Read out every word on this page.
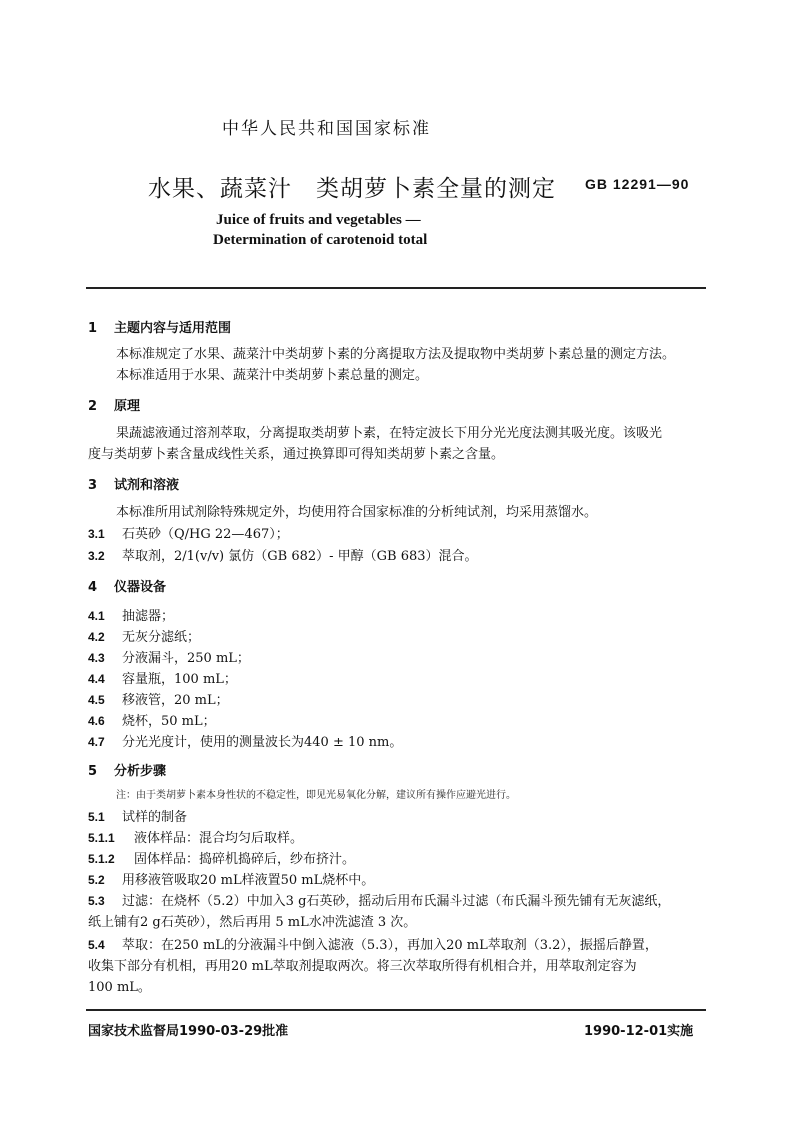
中华人民共和国国家标准
水果、蔬菜汁 类胡萝卜素全量的测定 GB 12291—90
Juice of fruits and vegetables —
Determination of carotenoid total
1 主题内容与适用范围
本标准规定了水果、蔬菜汁中类胡萝卜素的分离提取方法及提取物中类胡萝卜素总量的测定方法。
本标准适用于水果、蔬菜汁中类胡萝卜素总量的测定。
2 原理
果蔬滤液通过溶剂萃取，分离提取类胡萝卜素，在特定波长下用分光光度法测其吸光度。该吸光
度与类胡萝卜素含量成线性关系，通过换算即可得知类胡萝卜素之含量。
3 试剂和溶液
本标准所用试剂除特殊规定外，均使用符合国家标准的分析纯试剂，均采用蒸馏水。
3.1 石英砂（Q/HG 22—467）；
3.2 萃取剂，2/1(v/v) 氯仿（GB 682）- 甲醇（GB 683）混合。
4 仪器设备
4.1 抽滤器；
4.2 无灰分滤纸；
4.3 分液漏斗，250 mL；
4.4 容量瓶，100 mL；
4.5 移液管，20 mL；
4.6 烧杯，50 mL；
4.7 分光光度计，使用的测量波长为440 ± 10 nm。
5 分析步骤
注：由于类胡萝卜素本身性状的不稳定性，即见光易氧化分解，建议所有操作应避光进行。
5.1 试样的制备
5.1.1 液体样品：混合均匀后取样。
5.1.2 固体样品：捣碎机捣碎后，纱布挤汁。
5.2 用移液管吸取20 mL样液置50 mL烧杯中。
5.3 过滤：在烧杯（5.2）中加入3 g石英砂，摇动后用布氏漏斗过滤（布氏漏斗预先铺有无灰滤纸，
纸上铺有2 g石英砂），然后再用 5 mL水冲洗滤渣 3 次。
5.4 萃取：在250 mL的分液漏斗中倒入滤液（5.3），再加入20 mL萃取剂（3.2），振摇后静置，
收集下部分有机相，再用20 mL萃取剂提取两次。将三次萃取所得有机相合并，用萃取剂定容为
100 mL。
国家技术监督局1990-03-29批准	1990-12-01实施
